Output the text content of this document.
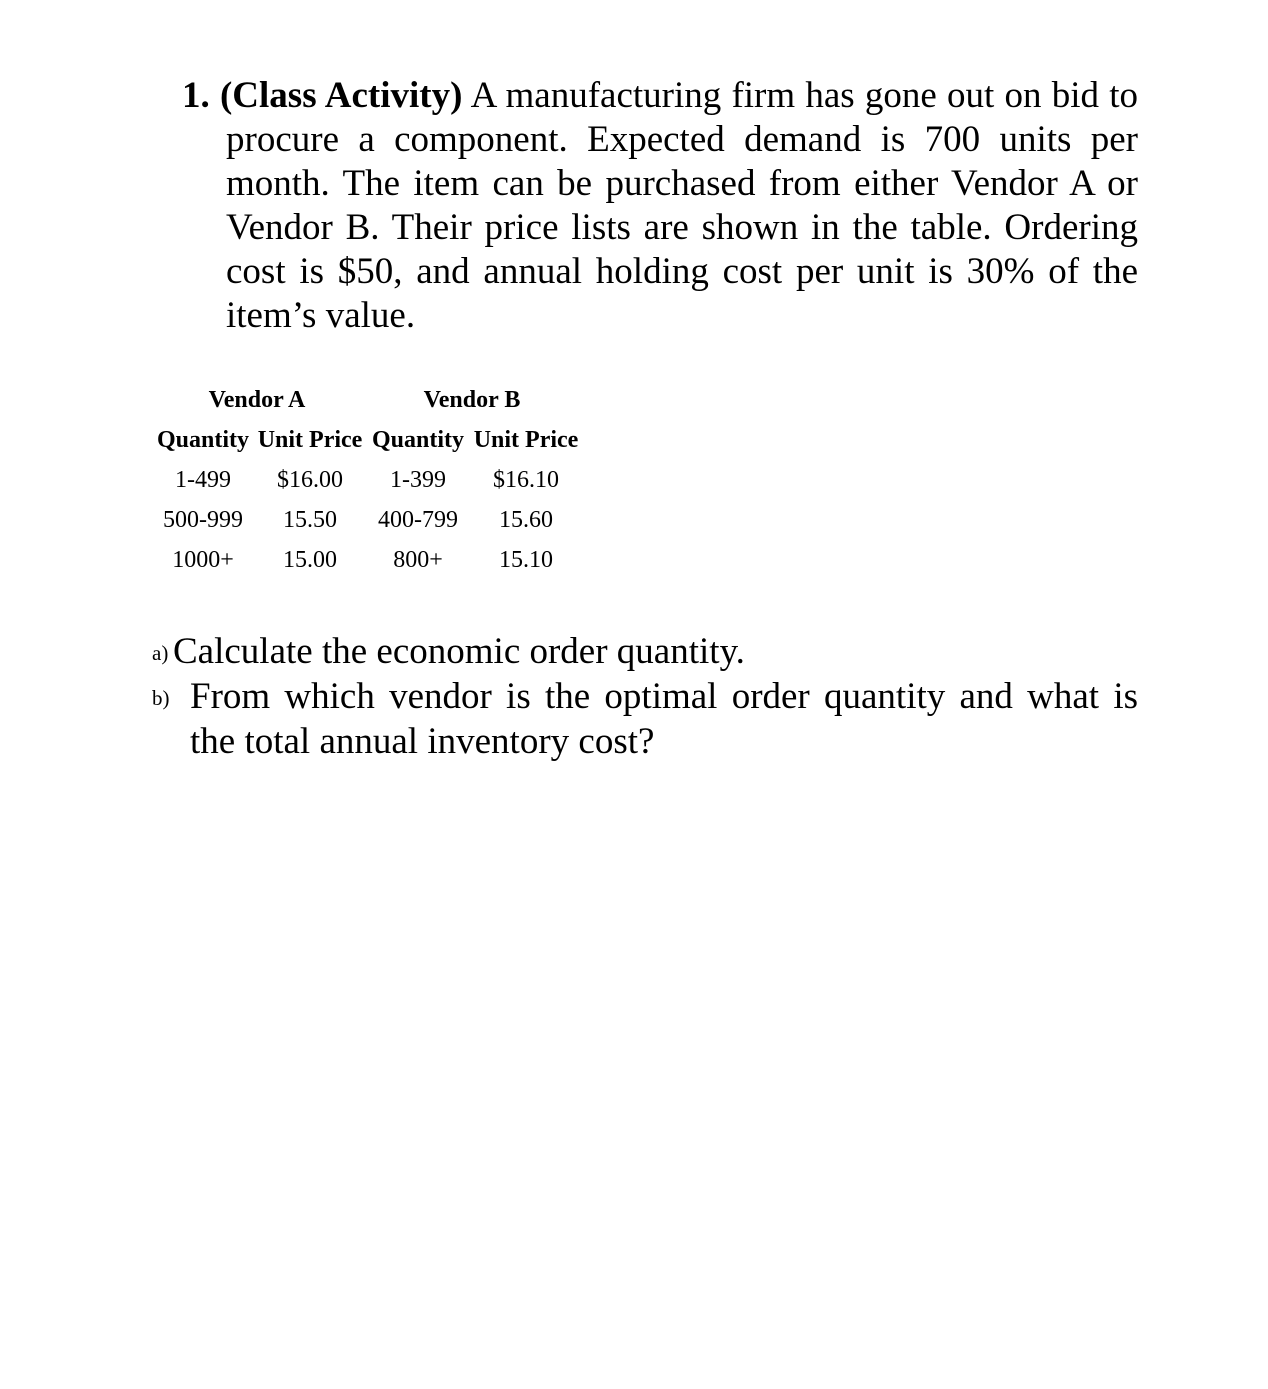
1. (Class Activity) A manufacturing firm has gone out on bid to procure a component. Expected demand is 700 units per month. The item can be purchased from either Vendor A or Vendor B. Their price lists are shown in the table. Ordering cost is $50, and annual holding cost per unit is 30% of the item’s value.
Vendor A		Vendor B	
Quantity	Unit Price	Quantity	Unit Price
1-499	$16.00	1-399	$16.10
500-999	15.50	400-799	15.60
1000+	15.00	800+	15.10
a) Calculate the economic order quantity.
b) From which vendor is the optimal order quantity and what is the total annual inventory cost?
